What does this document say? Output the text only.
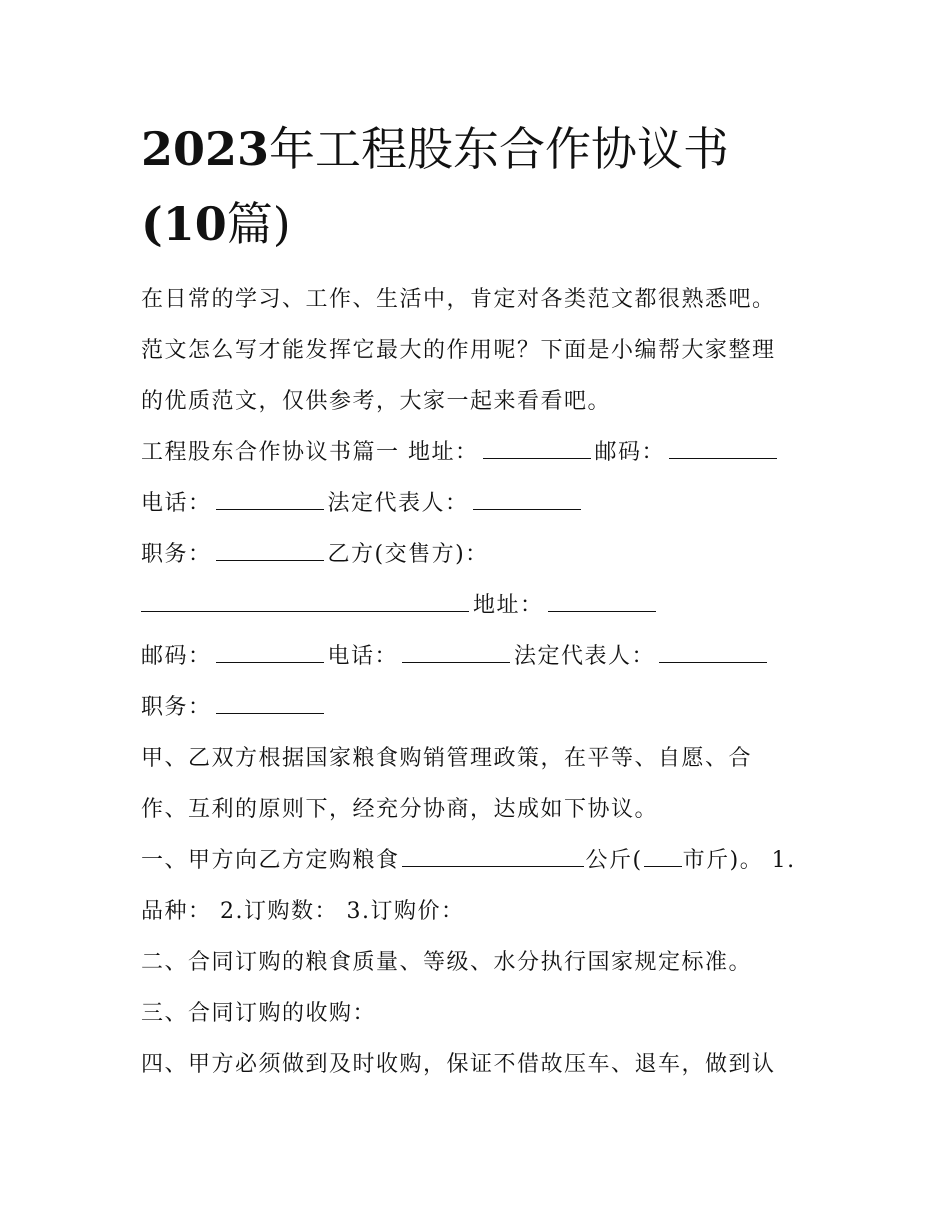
2023年工程股东合作协议书
(10篇)
在日常的学习、工作、生活中，肯定对各类范文都很熟悉吧。
范文怎么写才能发挥它最大的作用呢？下面是小编帮大家整理
的优质范文，仅供参考，大家一起来看看吧。
工程股东合作协议书篇一 地址：	邮码：
电话：	法定代表人：
职务：	乙方(交售方)：
地址：
邮码：	电话：	法定代表人：
职务：
甲、乙双方根据国家粮食购销管理政策，在平等、自愿、合
作、互利的原则下，经充分协商，达成如下协议。
一、甲方向乙方定购粮食	公斤( 市斤)。 1.
品种： 2.订购数： 3.订购价：
二、合同订购的粮食质量、等级、水分执行国家规定标准。
三、合同订购的收购：
四、甲方必须做到及时收购，保证不借故压车、退车，做到认
